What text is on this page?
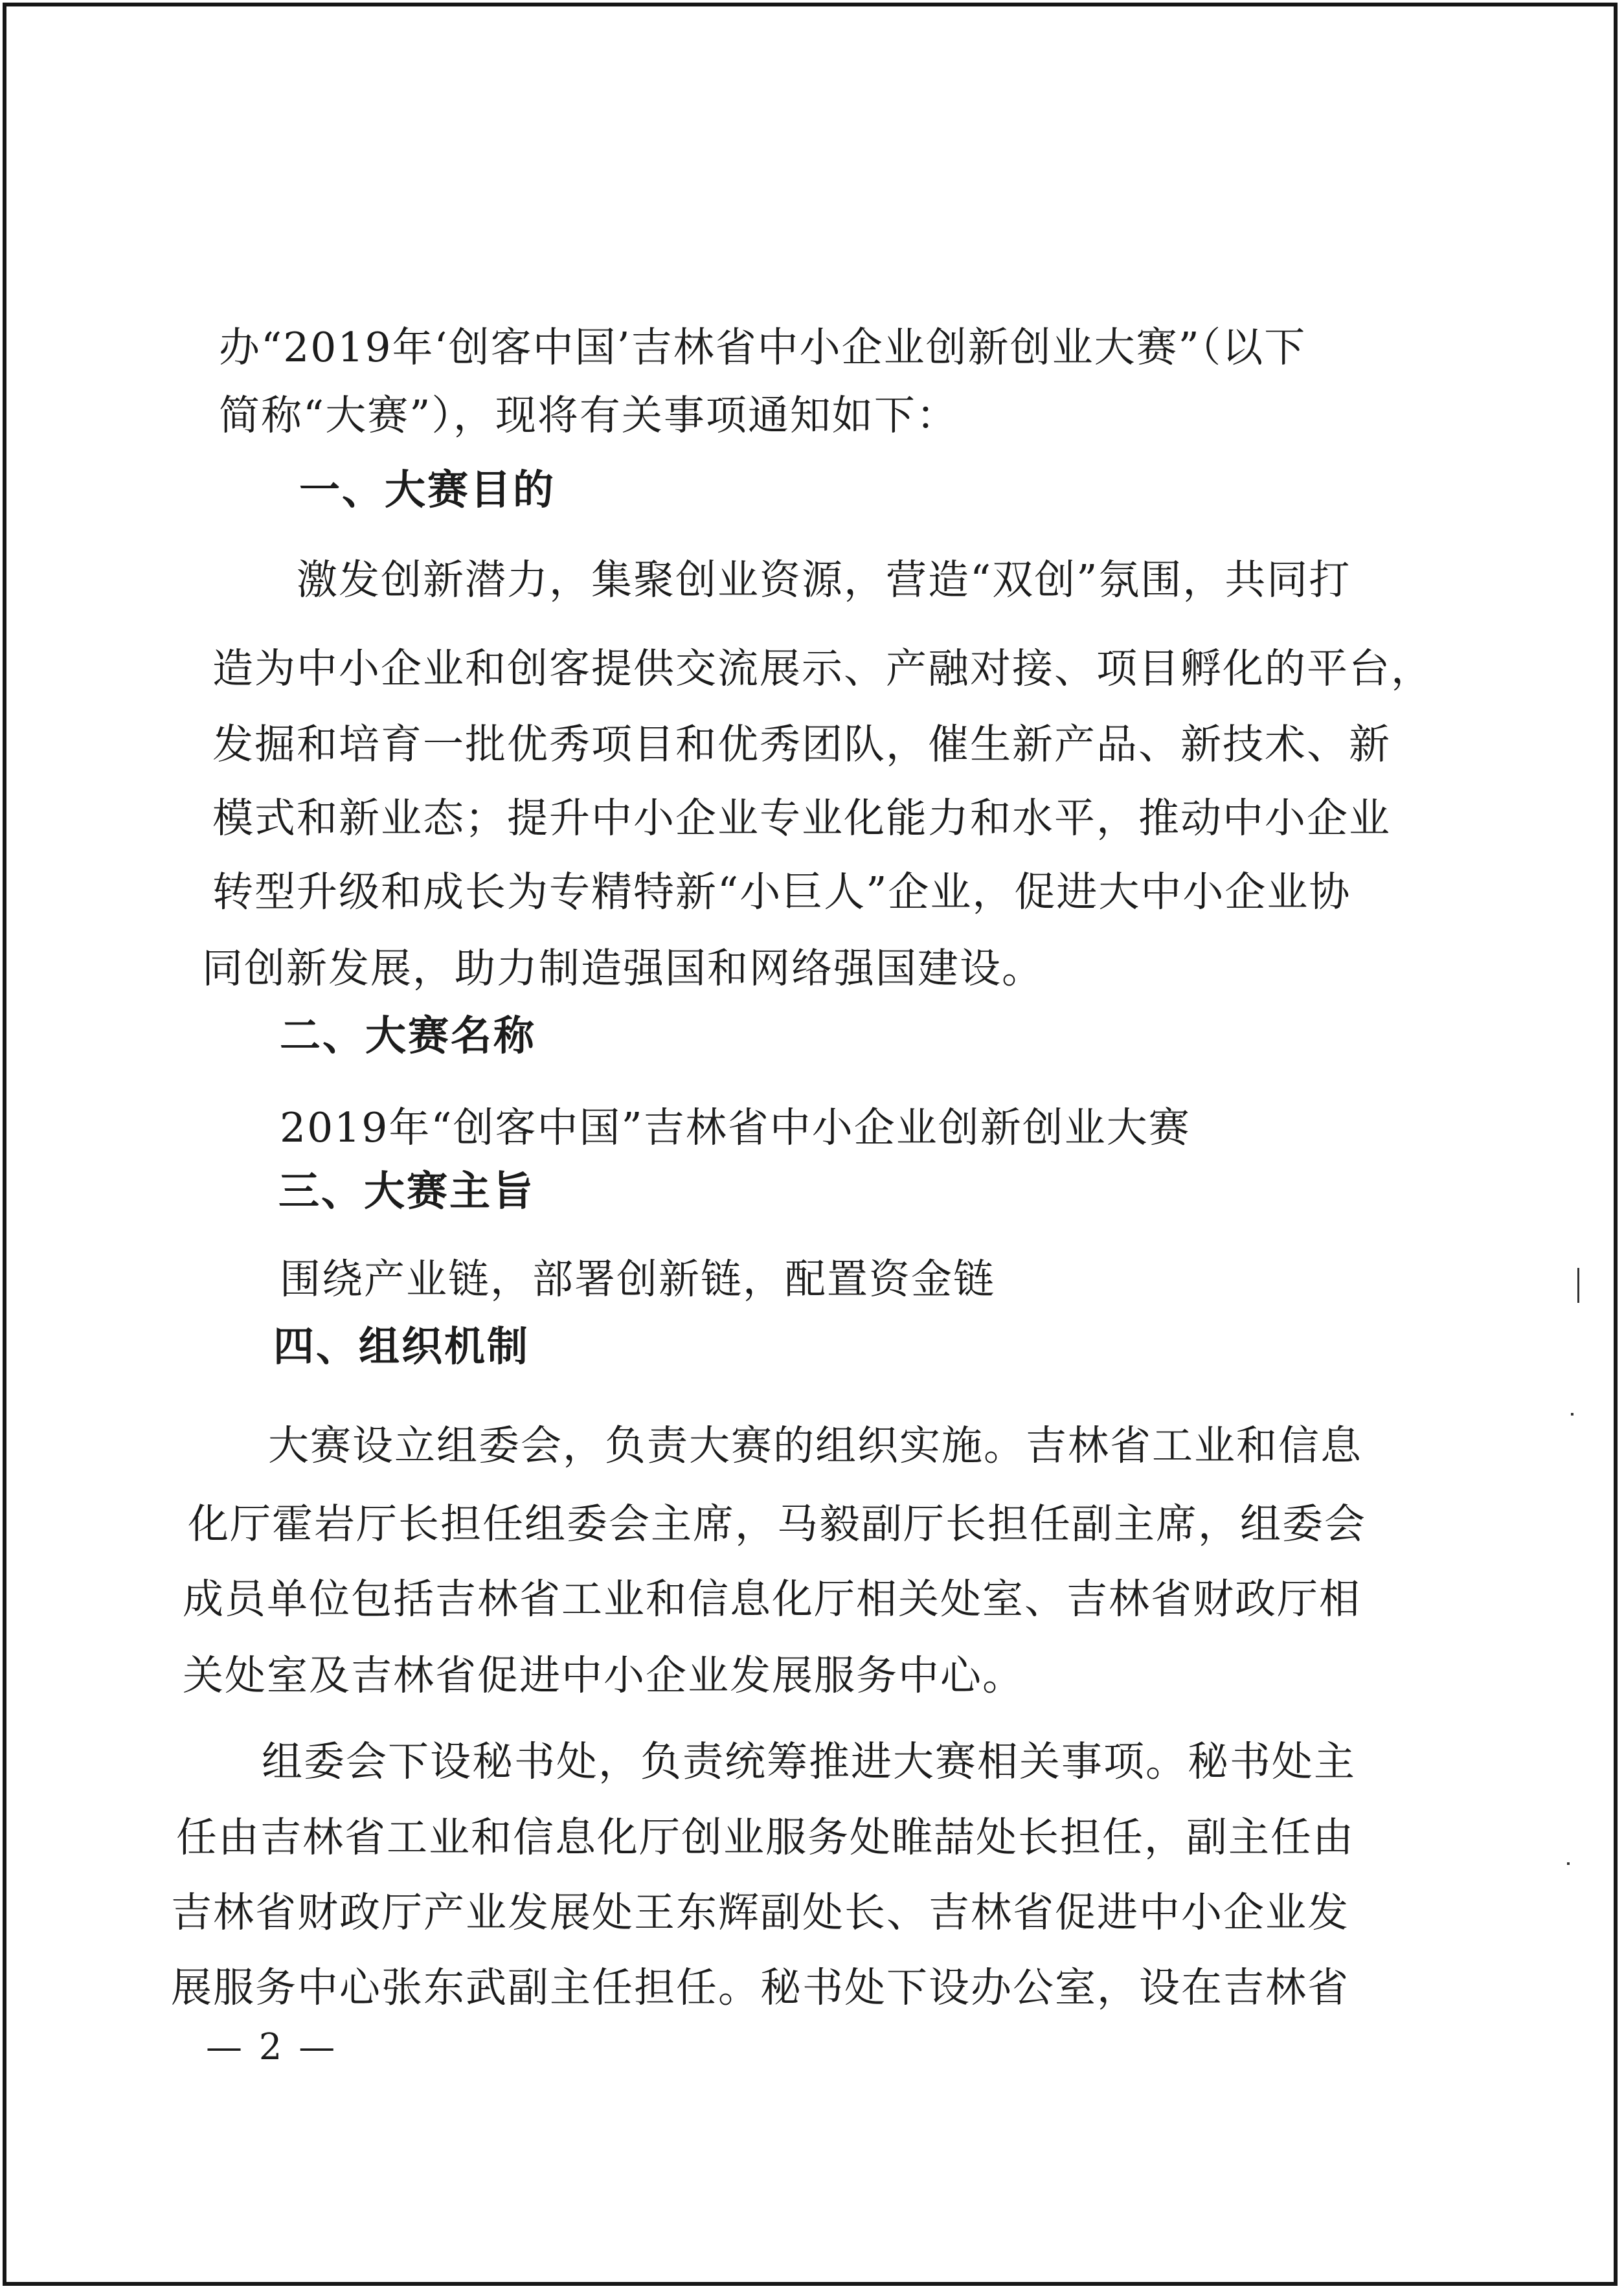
办“2019年‘创客中国’吉林省中小企业创新创业大赛”（以下
简称“大赛”），现将有关事项通知如下：
一、大赛目的
激发创新潜力，集聚创业资源，营造“双创”氛围，共同打
造为中小企业和创客提供交流展示、产融对接、项目孵化的平台，
发掘和培育一批优秀项目和优秀团队，催生新产品、新技术、新
模式和新业态；提升中小企业专业化能力和水平，推动中小企业
转型升级和成长为专精特新“小巨人”企业，促进大中小企业协
同创新发展，助力制造强国和网络强国建设。
二、大赛名称
2019年“创客中国”吉林省中小企业创新创业大赛
三、大赛主旨
围绕产业链，部署创新链，配置资金链
四、组织机制
大赛设立组委会，负责大赛的组织实施。吉林省工业和信息
化厅霍岩厅长担任组委会主席，马毅副厅长担任副主席，组委会
成员单位包括吉林省工业和信息化厅相关处室、吉林省财政厅相
关处室及吉林省促进中小企业发展服务中心。
组委会下设秘书处，负责统筹推进大赛相关事项。秘书处主
任由吉林省工业和信息化厅创业服务处睢喆处长担任，副主任由
吉林省财政厅产业发展处王东辉副处长、吉林省促进中小企业发
展服务中心张东武副主任担任。秘书处下设办公室，设在吉林省
— 2 —
